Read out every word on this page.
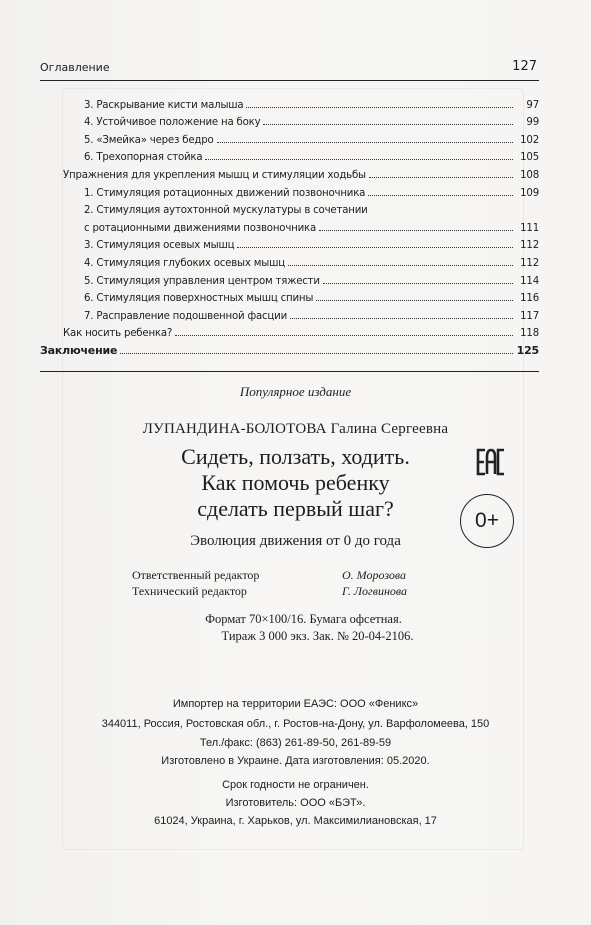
Оглавление	127
3. Раскрывание кисти малыша	97
4. Устойчивое положение на боку	99
5. «Змейка» через бедро	102
6. Трехопорная стойка	105
Упражнения для укрепления мышц и стимуляции ходьбы	108
1. Стимуляция ротационных движений позвоночника	109
2. Стимуляция аутохтонной мускулатуры в сочетании
с ротационными движениями позвоночника	111
3. Стимуляция осевых мышц	112
4. Стимуляция глубоких осевых мышц	112
5. Стимуляция управления центром тяжести	114
6. Стимуляция поверхностных мышц спины	116
7. Расправление подошвенной фасции	117
Как носить ребенка?	118
Заключение	125
Популярное издание
ЛУПАНДИНА-БОЛОТОВА Галина Сергеевна
Сидеть, ползать, ходить.
Как помочь ребенку
сделать первый шаг?
Эволюция движения от 0 до года
0+
Ответственный редактор	О. Морозова
Технический редактор	Г. Логвинова
Формат 70×100/16. Бумага офсетная.
Тираж 3 000 экз. Зак. № 20-04-2106.
Импортер на территории ЕАЭС: ООО «Феникс»
344011, Россия, Ростовская обл., г. Ростов-на-Дону, ул. Варфоломеева, 150
Тел./факс: (863) 261-89-50, 261-89-59
Изготовлено в Украине. Дата изготовления: 05.2020.
Срок годности не ограничен.
Изготовитель: ООО «БЭТ».
61024, Украина, г. Харьков, ул. Максимилиановская, 17
